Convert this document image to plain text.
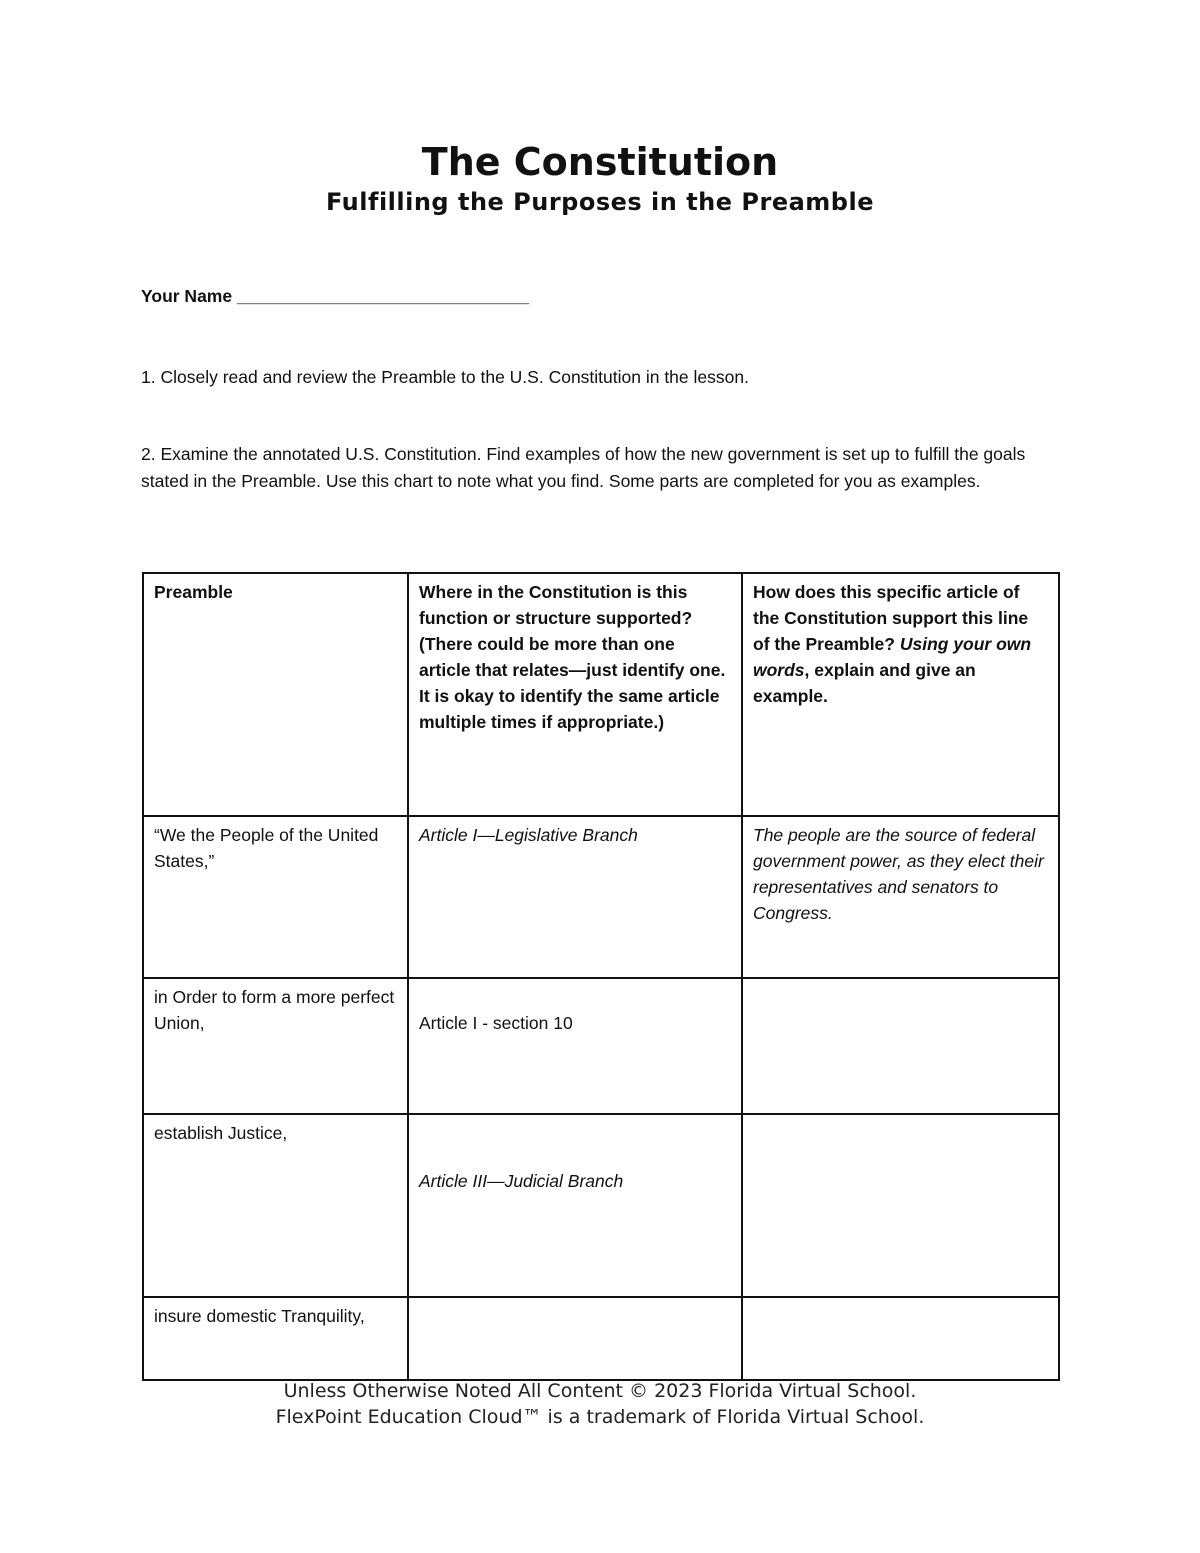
The Constitution
Fulfilling the Purposes in the Preamble
Your Name ______________________________

1. Closely read and review the Preamble to the U.S. Constitution in the lesson.

2. Examine the annotated U.S. Constitution. Find examples of how the new government is set up to fulfill the goals stated in the Preamble. Use this chart to note what you find. Some parts are completed for you as examples.

Preamble	Where in the Constitution is this function or structure supported? (There could be more than one article that relates—just identify one. It is okay to identify the same article multiple times if appropriate.)	How does this specific article of the Constitution support this line of the Preamble? Using your own words, explain and give an example.
“We the People of the United States,”	Article I—Legislative Branch	The people are the source of federal government power, as they elect their representatives and senators to Congress.
in Order to form a more perfect Union,	Article I - section 10	
establish Justice,	Article III—Judicial Branch	
insure domestic Tranquility,		
Unless Otherwise Noted All Content © 2023 Florida Virtual School.
FlexPoint Education Cloud™ is a trademark of Florida Virtual School.
